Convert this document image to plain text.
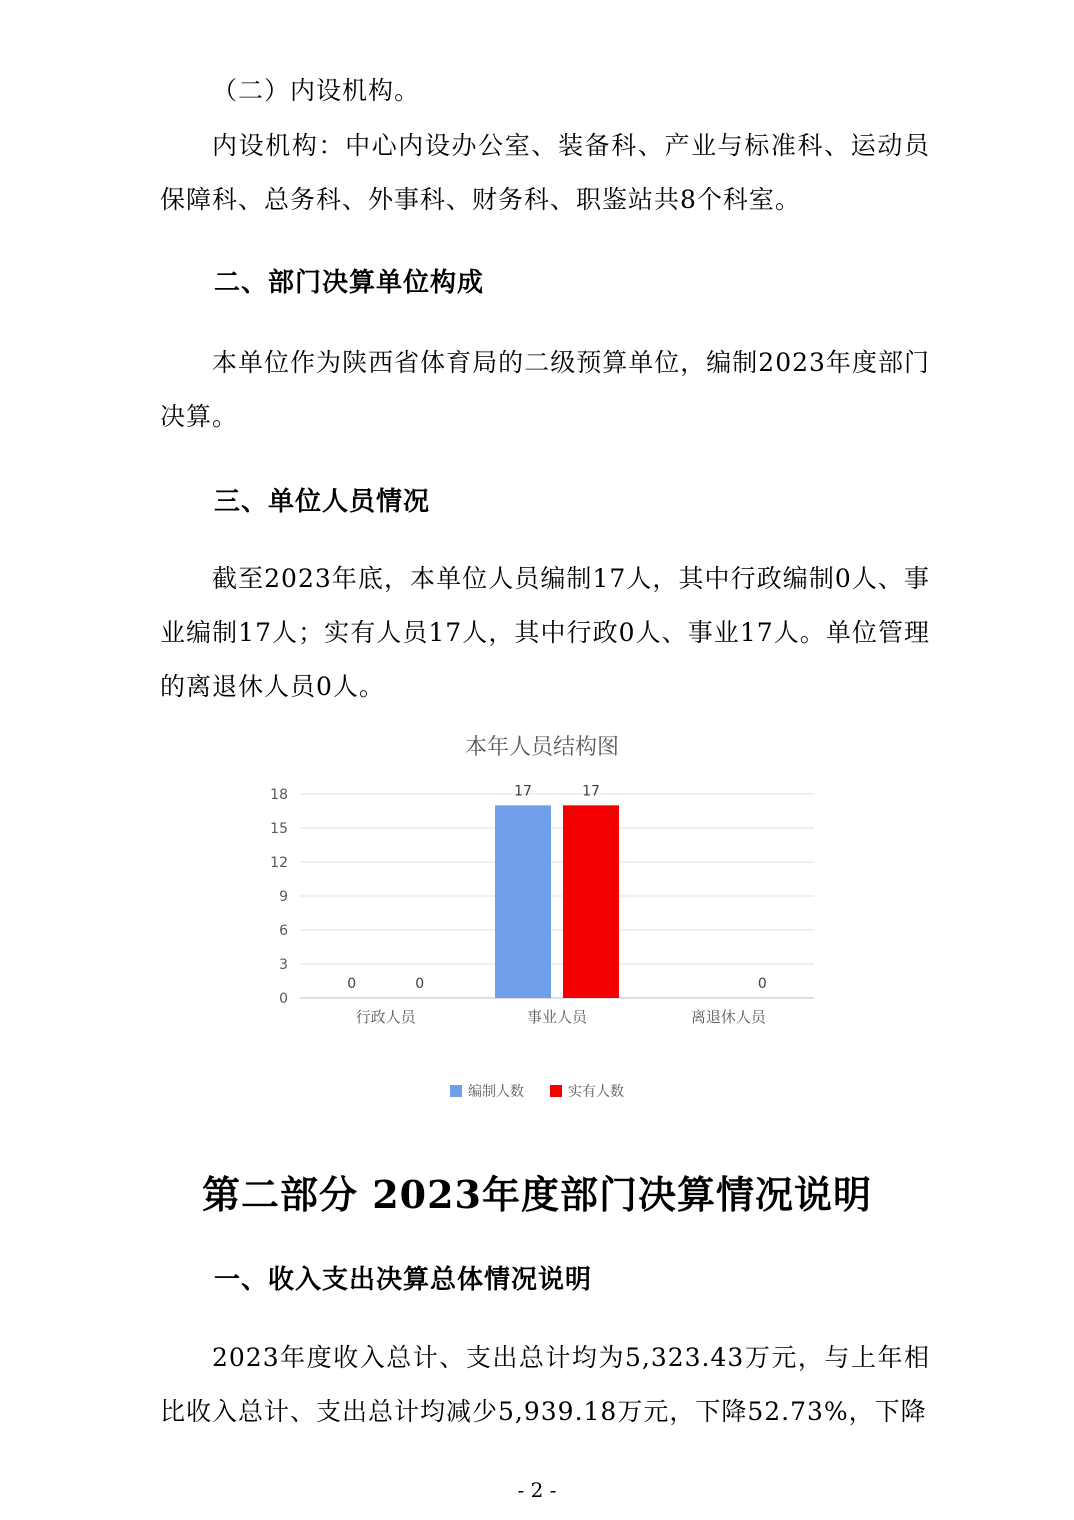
（二）内设机构。

内设机构：中心内设办公室、装备科、产业与标准科、运动员保障科、总务科、外事科、财务科、职鉴站共8个科室。

二、部门决算单位构成

本单位作为陕西省体育局的二级预算单位，编制2023年度部门决算。

三、单位人员情况

截至2023年底，本单位人员编制17人，其中行政编制0人、事业编制17人；实有人员17人，其中行政0人、事业17人。单位管理的离退休人员0人。

本年人员结构图
0
3
6
9
12
15
18
0	0
17	17
0
行政人员	事业人员	离退休人员
编制人数	实有人数
第二部分 2023年度部门决算情况说明
一、收入支出决算总体情况说明

2023年度收入总计、支出总计均为5,323.43万元，与上年相比收入总计、支出总计均减少5,939.18万元，下降52.73%，下降

- 2 -
